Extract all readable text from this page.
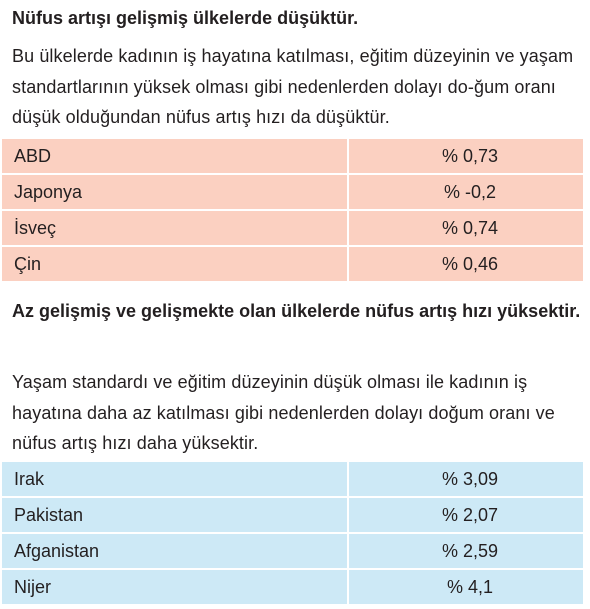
Nüfus artışı gelişmiş ülkelerde düşüktür.

Bu ülkelerde kadının iş hayatına katılması, eğitim düzeyinin ve yaşam standartlarının yüksek olması gibi nedenlerden dolayı do-ğum oranı düşük olduğundan nüfus artış hızı da düşüktür.

ABD	% 0,73
Japonya	% -0,2
İsveç	% 0,74
Çin	% 0,46
Az gelişmiş ve gelişmekte olan ülkelerde nüfus artış hızı yüksektir.

Yaşam standardı ve eğitim düzeyinin düşük olması ile kadının iş hayatına daha az katılması gibi nedenlerden dolayı doğum oranı ve nüfus artış hızı daha yüksektir.

Irak	% 3,09
Pakistan	% 2,07
Afganistan	% 2,59
Nijer	% 4,1
